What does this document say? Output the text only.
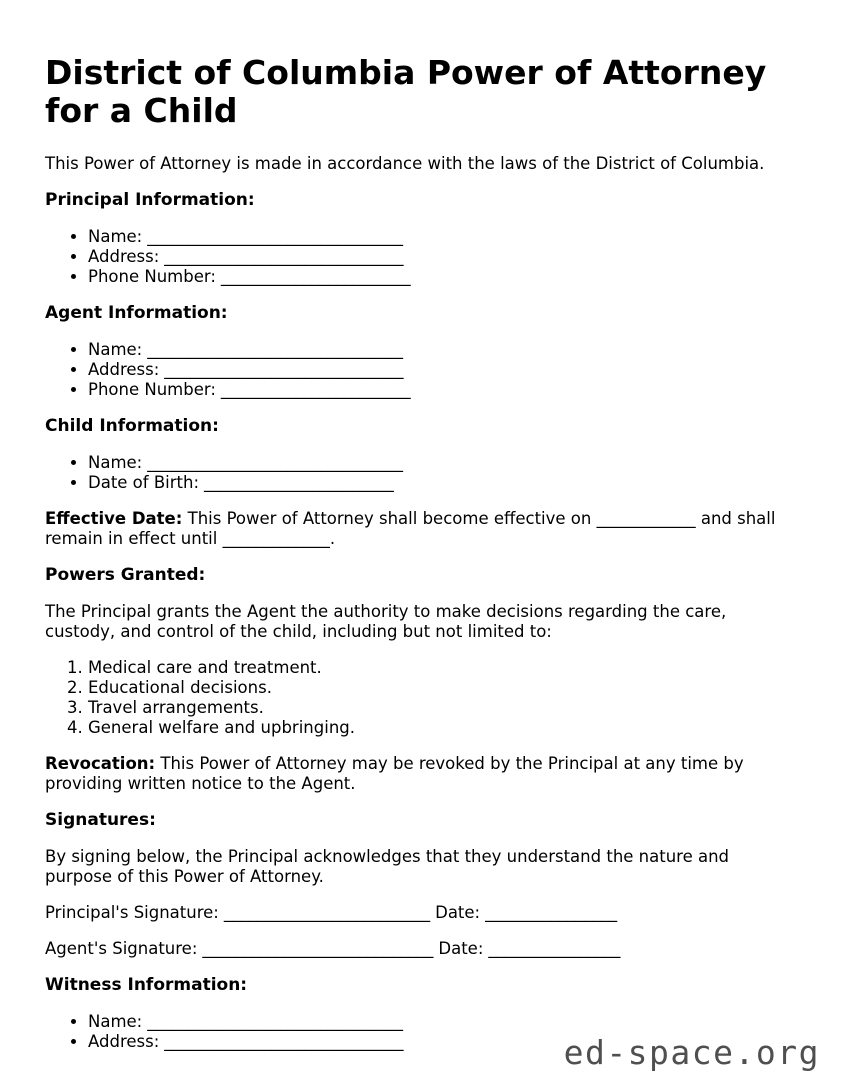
District of Columbia Power of Attorney for a Child

This Power of Attorney is made in accordance with the laws of the District of Columbia.

Principal Information:
• Name: _______________________________
• Address: _____________________________
• Phone Number: _______________________
Agent Information:
• Name: _______________________________
• Address: _____________________________
• Phone Number: _______________________
Child Information:
• Name: _______________________________
• Date of Birth: _______________________

Effective Date: This Power of Attorney shall become effective on ____________ and shall remain in effect until _____________.

Powers Granted:

The Principal grants the Agent the authority to make decisions regarding the care, custody, and control of the child, including but not limited to:

1. Medical care and treatment.
2. Educational decisions.
3. Travel arrangements.
4. General welfare and upbringing.

Revocation: This Power of Attorney may be revoked by the Principal at any time by providing written notice to the Agent.

Signatures:

By signing below, the Principal acknowledges that they understand the nature and purpose of this Power of Attorney.

Principal's Signature: _________________________ Date: ________________

Agent's Signature: ____________________________ Date: ________________

Witness Information:
• Name: _______________________________
• Address: _____________________________	ed-space.org
